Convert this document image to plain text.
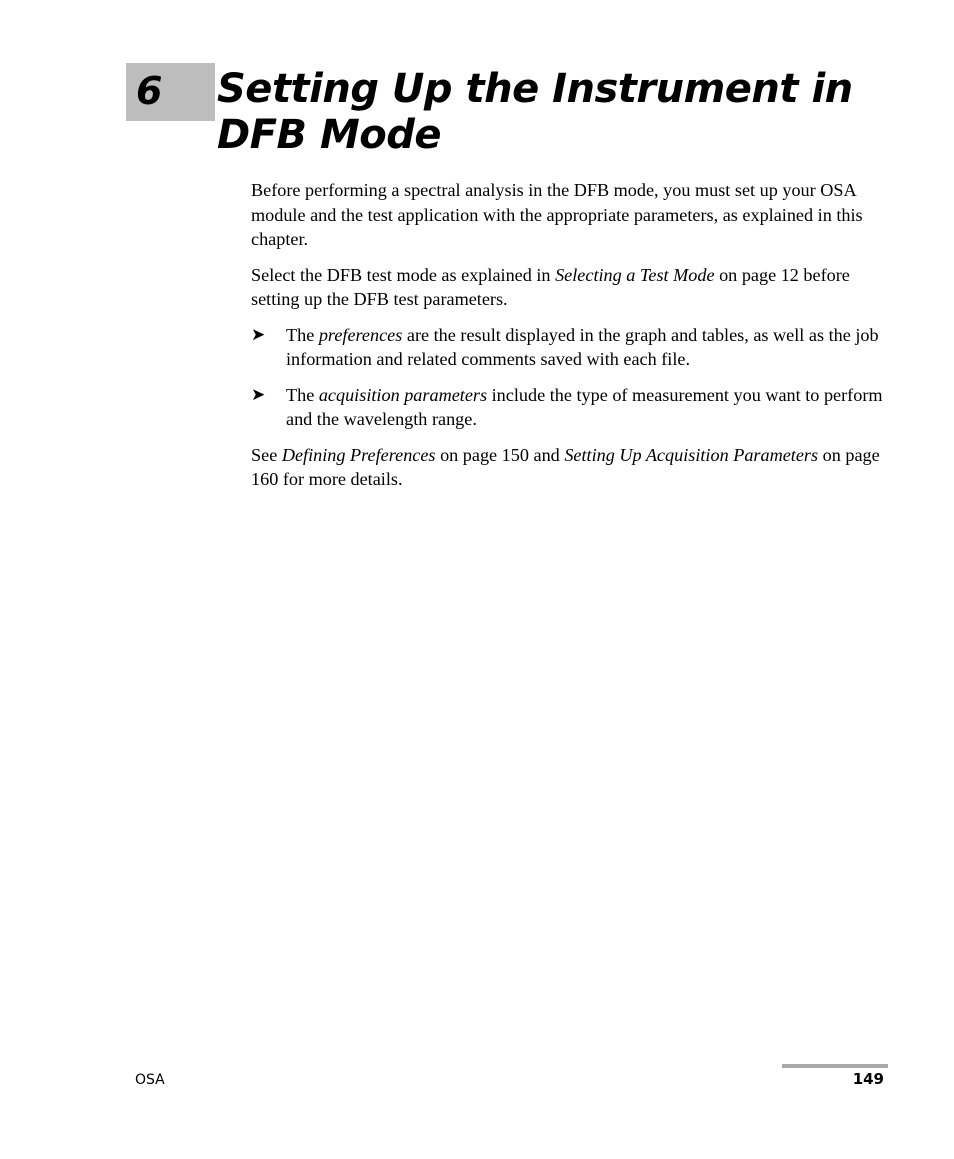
6 Setting Up the Instrument in DFB Mode

Before performing a spectral analysis in the DFB mode, you must set up your OSA module and the test application with the appropriate parameters, as explained in this chapter.

Select the DFB test mode as explained in Selecting a Test Mode on page 12 before setting up the DFB test parameters.

➤ The preferences are the result displayed in the graph and tables, as well as the job information and related comments saved with each file.
➤ The acquisition parameters include the type of measurement you want to perform and the wavelength range.

See Defining Preferences on page 150 and Setting Up Acquisition Parameters on page 160 for more details.

OSA	149
